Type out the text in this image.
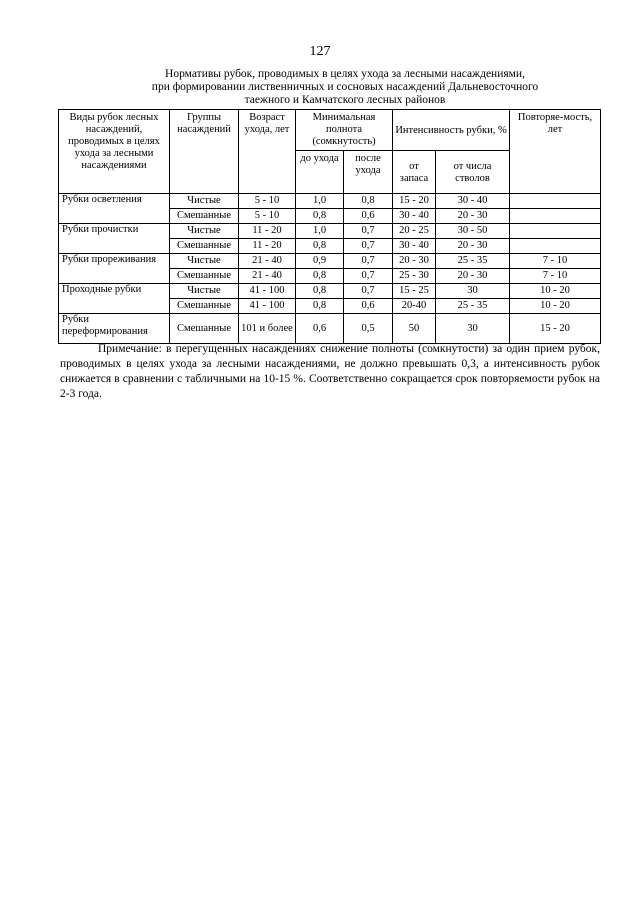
127
Нормативы рубок, проводимых в целях ухода за лесными насаждениями,
при формировании лиственничных и сосновых насаждений Дальневосточного
таежного и Камчатского лесных районов
Виды рубок лесных насаждений, проводимых в целях ухода за лесными насаждениями	Группы насаждений	Возраст ухода, лет	Минимальная полнота (сомкнутость)		Интенсивность рубки, %		Повторяе-мость, лет
			до ухода	после ухода	от запаса	от числа стволов	
Рубки осветления	Чистые	5 - 10	1,0	0,8	15 - 20	30 - 40	
	Смешанные	5 - 10	0,8	0,6	30 - 40	20 - 30	
Рубки прочистки	Чистые	11 - 20	1,0	0,7	20 - 25	30 - 50	
	Смешанные	11 - 20	0,8	0,7	30 - 40	20 - 30	
Рубки прореживания	Чистые	21 - 40	0,9	0,7	20 - 30	25 - 35	7 - 10
	Смешанные	21 - 40	0,8	0,7	25 - 30	20 - 30	7 - 10
Проходные рубки	Чистые	41 - 100	0,8	0,7	15 - 25	30	10 - 20
	Смешанные	41 - 100	0,8	0,6	20-40	25 - 35	10 - 20
Рубки переформирования	Смешанные	101 и более	0,6	0,5	50	30	15 - 20
Примечание: в перегущенных насаждениях снижение полноты (сомкнутости) за один прием рубок, проводимых в целях ухода за лесными насаждениями, не должно превышать 0,3, а интенсивность рубок снижается в сравнении с табличными на 10-15 %. Соответственно сокращается срок повторяемости рубок на 2-3 года.
